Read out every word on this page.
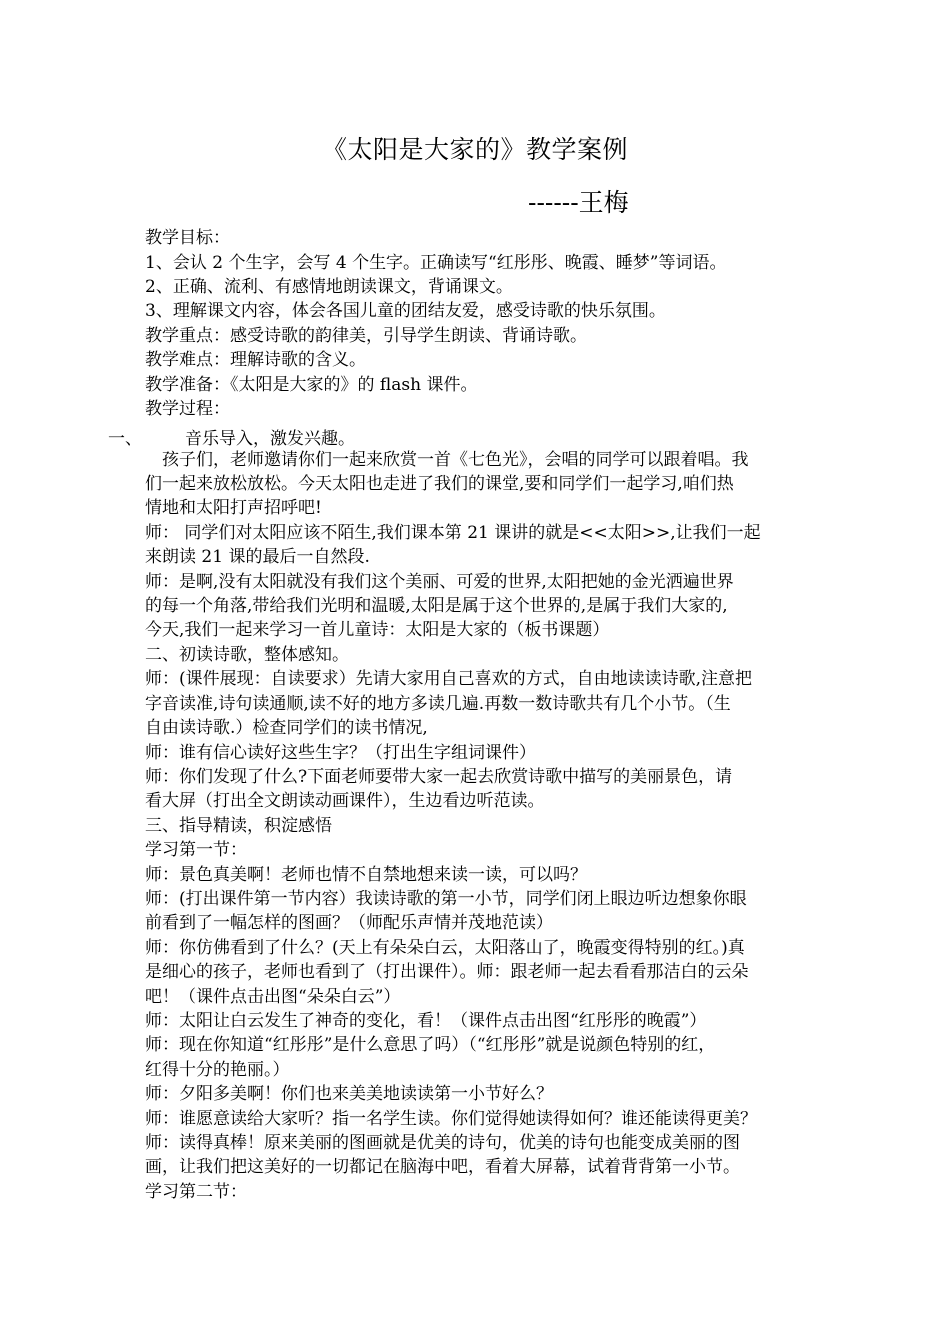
《太阳是大家的》教学案例
------王梅
教学目标：
1、会认 2 个生字，会写 4 个生字。正确读写“红彤彤、晚霞、睡梦”等词语。
2、正确、流利、有感情地朗读课文，背诵课文。
3、理解课文内容，体会各国儿童的团结友爱，感受诗歌的快乐氛围。
教学重点：感受诗歌的韵律美，引导学生朗读、背诵诗歌。
教学难点：理解诗歌的含义。
教学准备：《太阳是大家的》的 flash 课件。
教学过程：
一、	音乐导入，激发兴趣。
　孩子们，老师邀请你们一起来欣赏一首《七色光》，会唱的同学可以跟着唱。我
们一起来放松放松。今天太阳也走进了我们的课堂,要和同学们一起学习,咱们热
情地和太阳打声招呼吧!
师： 同学们对太阳应该不陌生,我们课本第 21 课讲的就是<<太阳>>,让我们一起
来朗读 21 课的最后一自然段.
师：是啊,没有太阳就没有我们这个美丽、可爱的世界,太阳把她的金光洒遍世界
的每一个角落,带给我们光明和温暖,太阳是属于这个世界的,是属于我们大家的,
今天,我们一起来学习一首儿童诗：太阳是大家的（板书课题）
二、初读诗歌，整体感知。
师：(课件展现：自读要求）先请大家用自己喜欢的方式，自由地读读诗歌,注意把
字音读准,诗句读通顺,读不好的地方多读几遍.再数一数诗歌共有几个小节。（生
自由读诗歌.）检查同学们的读书情况,
师：谁有信心读好这些生字？（打出生字组词课件）
师：你们发现了什么?下面老师要带大家一起去欣赏诗歌中描写的美丽景色，请
看大屏（打出全文朗读动画课件），生边看边听范读。
三、指导精读，积淀感悟
学习第一节：
师：景色真美啊！老师也情不自禁地想来读一读，可以吗？
师：(打出课件第一节内容）我读诗歌的第一小节，同学们闭上眼边听边想象你眼
前看到了一幅怎样的图画？（师配乐声情并茂地范读）
师：你仿佛看到了什么？(天上有朵朵白云，太阳落山了，晚霞变得特别的红。)真
是细心的孩子，老师也看到了（打出课件）。师：跟老师一起去看看那洁白的云朵
吧！（课件点击出图“朵朵白云”）
师：太阳让白云发生了神奇的变化，看！（课件点击出图“红彤彤的晚霞”）
师：现在你知道“红彤彤”是什么意思了吗）（“红彤彤”就是说颜色特别的红，
红得十分的艳丽。）
师：夕阳多美啊！你们也来美美地读读第一小节好么？
师：谁愿意读给大家听？指一名学生读。你们觉得她读得如何？谁还能读得更美？
师：读得真棒！原来美丽的图画就是优美的诗句，优美的诗句也能变成美丽的图
画，让我们把这美好的一切都记在脑海中吧，看着大屏幕，试着背背第一小节。
学习第二节：
